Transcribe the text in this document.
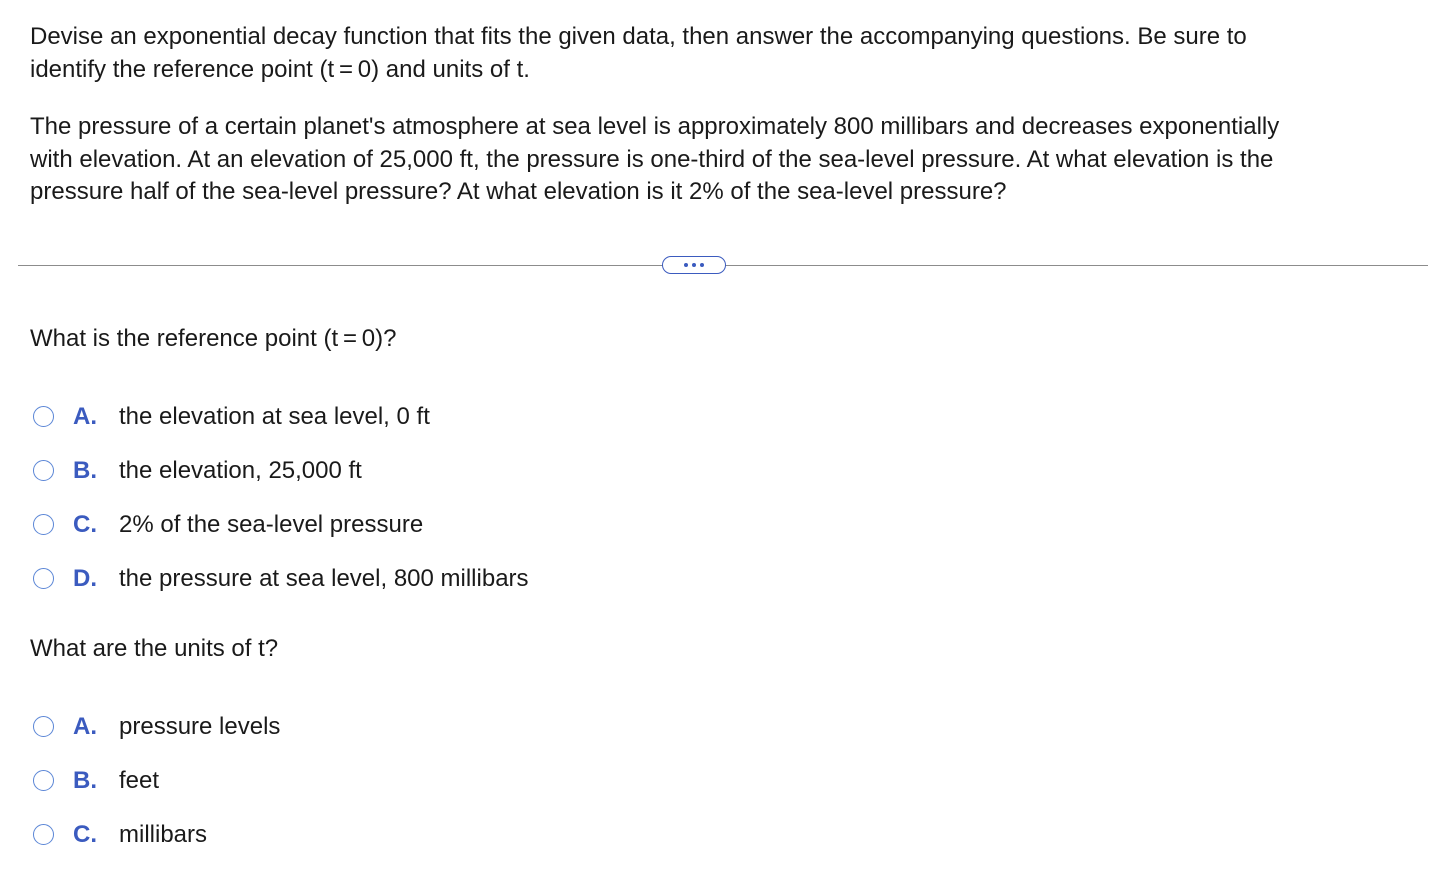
Devise an exponential decay function that fits the given data, then answer the accompanying questions. Be sure to
identify the reference point (t = 0) and units of t.

The pressure of a certain planet's atmosphere at sea level is approximately 800 millibars and decreases exponentially
with elevation. At an elevation of 25,000 ft, the pressure is one-third of the sea-level pressure. At what elevation is the
pressure half of the sea-level pressure? At what elevation is it 2% of the sea-level pressure?

What is the reference point (t = 0)?
A. the elevation at sea level, 0 ft
B. the elevation, 25,000 ft
C. 2% of the sea-level pressure
D. the pressure at sea level, 800 millibars
What are the units of t?
A. pressure levels
B. feet
C. millibars
